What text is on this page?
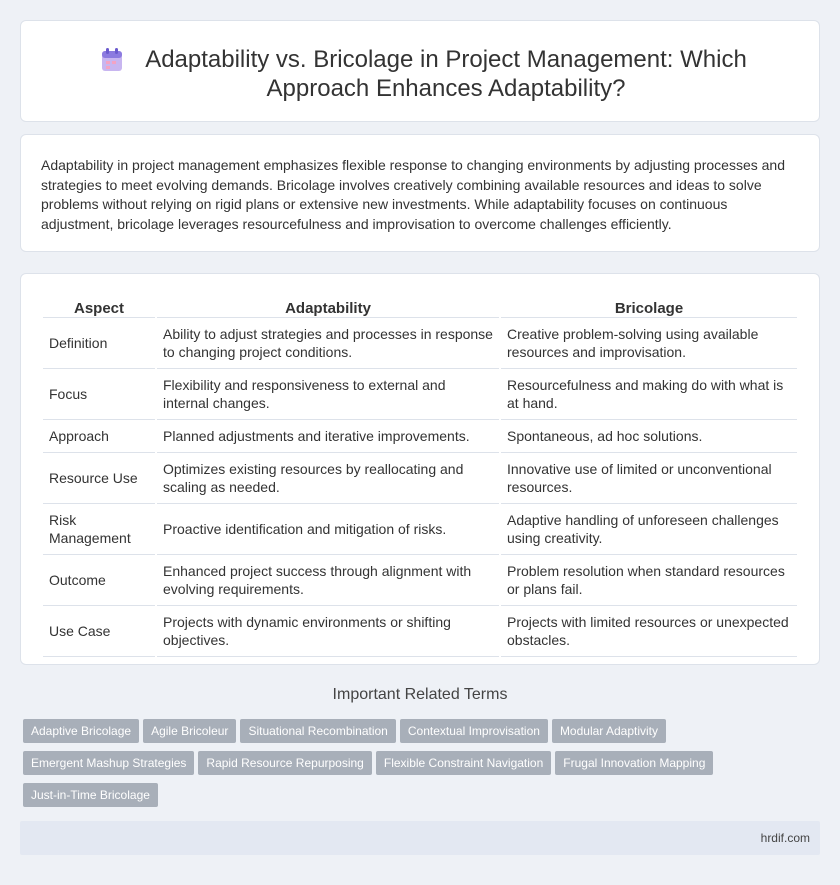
Adaptability vs. Bricolage in Project Management: Which
Approach Enhances Adaptability?

Adaptability in project management emphasizes flexible response to changing environments by adjusting processes and strategies to meet evolving demands. Bricolage involves creatively combining available resources and ideas to solve problems without relying on rigid plans or extensive new investments. While adaptability focuses on continuous adjustment, bricolage leverages resourcefulness and improvisation to overcome challenges efficiently.

Aspect	Adaptability	Bricolage
Definition	Ability to adjust strategies and processes in response to changing project conditions.	Creative problem-solving using available resources and improvisation.
Focus	Flexibility and responsiveness to external and internal changes.	Resourcefulness and making do with what is at hand.
Approach	Planned adjustments and iterative improvements.	Spontaneous, ad hoc solutions.
Resource Use	Optimizes existing resources by reallocating and scaling as needed.	Innovative use of limited or unconventional resources.
Risk Management	Proactive identification and mitigation of risks.	Adaptive handling of unforeseen challenges using creativity.
Outcome	Enhanced project success through alignment with evolving requirements.	Problem resolution when standard resources or plans fail.
Use Case	Projects with dynamic environments or shifting objectives.	Projects with limited resources or unexpected obstacles.
Important Related Terms
Adaptive Bricolage Agile Bricoleur Situational Recombination Contextual Improvisation Modular AdaptivityEmergent Mashup Strategies Rapid Resource Repurposing Flexible Constraint Navigation Frugal Innovation MappingJust-in-Time Bricolage
hrdif.com
